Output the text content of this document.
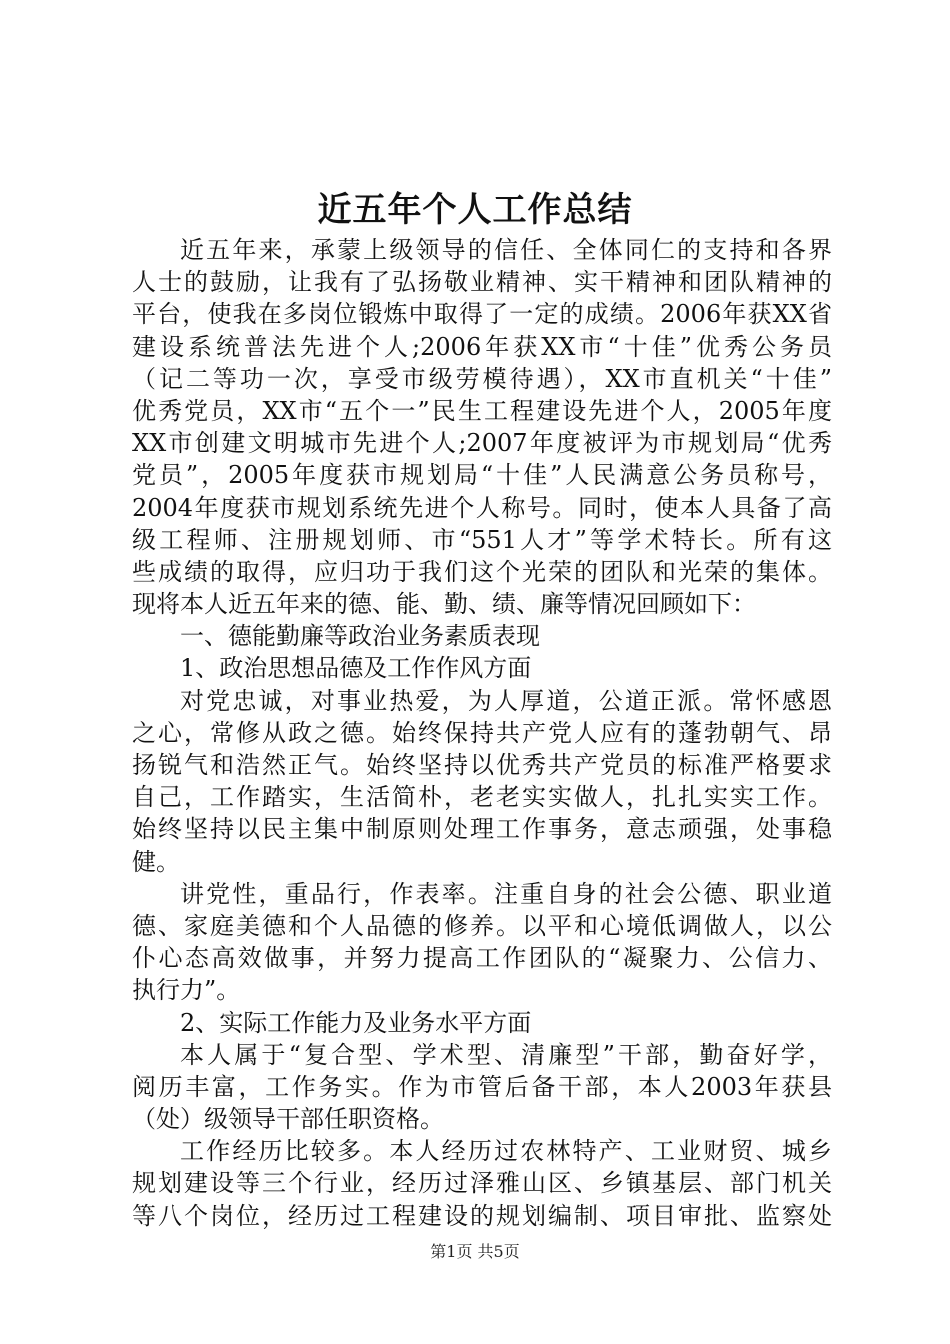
近五年个人工作总结
近五年来，承蒙上级领导的信任、全体同仁的支持和各界
人士的鼓励，让我有了弘扬敬业精神、实干精神和团队精神的
平台，使我在多岗位锻炼中取得了一定的成绩。2006年获XX省
建设系统普法先进个人;2006年获XX市“十佳”优秀公务员
（记二等功一次，享受市级劳模待遇），XX市直机关“十佳”
优秀党员，XX市“五个一”民生工程建设先进个人，2005年度
XX市创建文明城市先进个人;2007年度被评为市规划局“优秀
党员”，2005年度获市规划局“十佳”人民满意公务员称号，
2004年度获市规划系统先进个人称号。同时，使本人具备了高
级工程师、注册规划师、市“551人才”等学术特长。所有这
些成绩的取得，应归功于我们这个光荣的团队和光荣的集体。
现将本人近五年来的德、能、勤、绩、廉等情况回顾如下：
一、德能勤廉等政治业务素质表现
1、政治思想品德及工作作风方面
对党忠诚，对事业热爱，为人厚道，公道正派。常怀感恩
之心，常修从政之德。始终保持共产党人应有的蓬勃朝气、昂
扬锐气和浩然正气。始终坚持以优秀共产党员的标准严格要求
自己，工作踏实，生活简朴，老老实实做人，扎扎实实工作。
始终坚持以民主集中制原则处理工作事务，意志顽强，处事稳
健。
讲党性，重品行，作表率。注重自身的社会公德、职业道
德、家庭美德和个人品德的修养。以平和心境低调做人，以公
仆心态高效做事，并努力提高工作团队的“凝聚力、公信力、
执行力”。
2、实际工作能力及业务水平方面
本人属于“复合型、学术型、清廉型”干部，勤奋好学，
阅历丰富，工作务实。作为市管后备干部，本人2003年获县
（处）级领导干部任职资格。
工作经历比较多。本人经历过农林特产、工业财贸、城乡
规划建设等三个行业，经历过泽雅山区、乡镇基层、部门机关
等八个岗位，经历过工程建设的规划编制、项目审批、监察处
第1页 共5页
